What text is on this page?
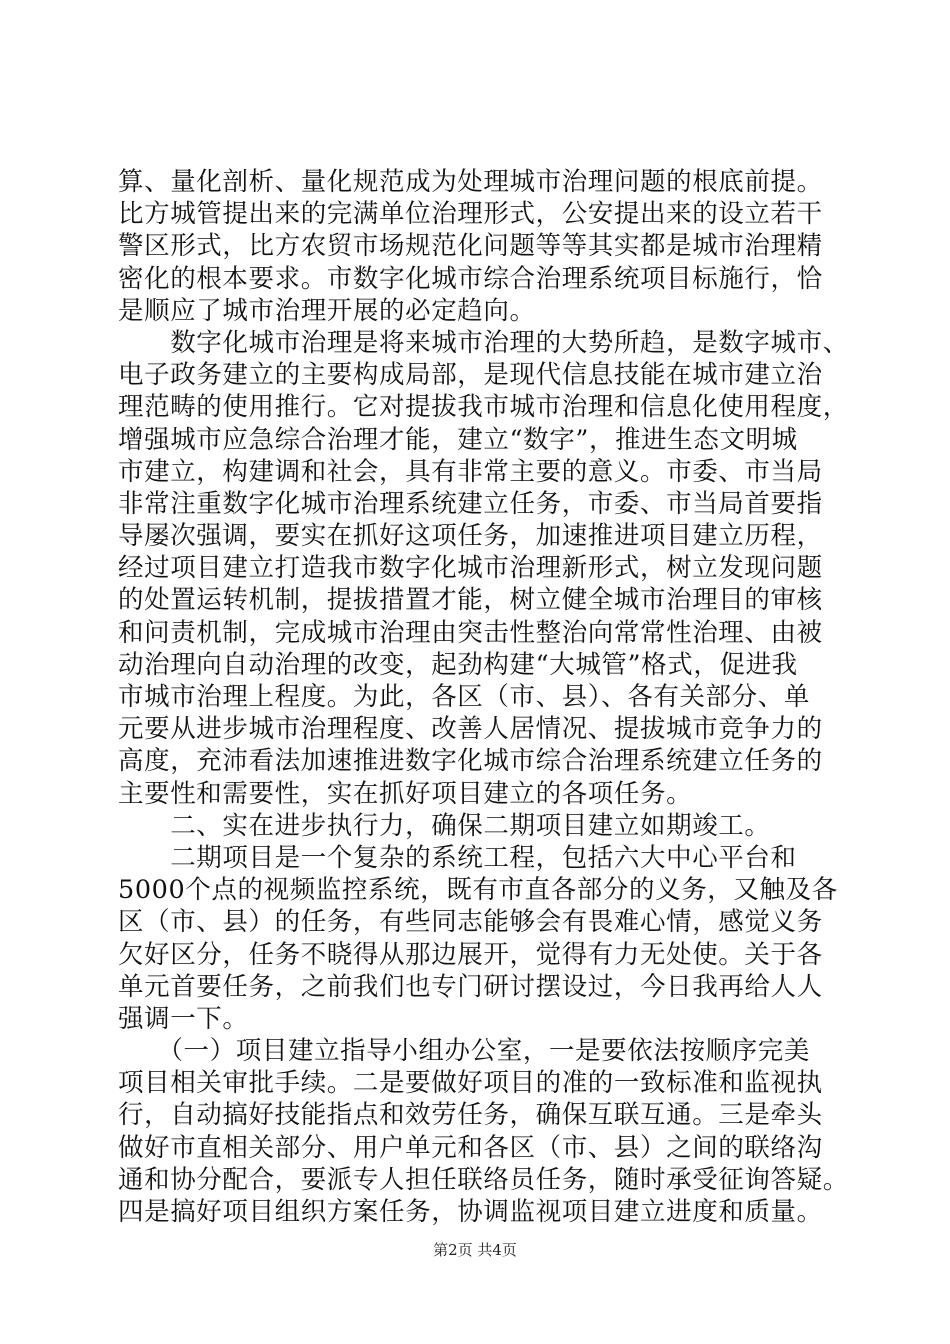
算、量化剖析、量化规范成为处理城市治理问题的根底前提。
比方城管提出来的完满单位治理形式，公安提出来的设立若干
警区形式，比方农贸市场规范化问题等等其实都是城市治理精
密化的根本要求。市数字化城市综合治理系统项目标施行，恰
是顺应了城市治理开展的必定趋向。
　　数字化城市治理是将来城市治理的大势所趋，是数字城市、
电子政务建立的主要构成局部，是现代信息技能在城市建立治
理范畴的使用推行。它对提拔我市城市治理和信息化使用程度，
增强城市应急综合治理才能，建立“数字”，推进生态文明城
市建立，构建调和社会，具有非常主要的意义。市委、市当局
非常注重数字化城市治理系统建立任务，市委、市当局首要指
导屡次强调，要实在抓好这项任务，加速推进项目建立历程，
经过项目建立打造我市数字化城市治理新形式，树立发现问题
的处置运转机制，提拔措置才能，树立健全城市治理目的审核
和问责机制，完成城市治理由突击性整治向常常性治理、由被
动治理向自动治理的改变，起劲构建“大城管”格式，促进我
市城市治理上程度。为此，各区（市、县）、各有关部分、单
元要从进步城市治理程度、改善人居情况、提拔城市竞争力的
高度，充沛看法加速推进数字化城市综合治理系统建立任务的
主要性和需要性，实在抓好项目建立的各项任务。
　　二、实在进步执行力，确保二期项目建立如期竣工。
　　二期项目是一个复杂的系统工程，包括六大中心平台和
5000个点的视频监控系统，既有市直各部分的义务，又触及各
区（市、县）的任务，有些同志能够会有畏难心情，感觉义务
欠好区分，任务不晓得从那边展开，觉得有力无处使。关于各
单元首要任务，之前我们也专门研讨摆设过，今日我再给人人
强调一下。
　　（一）项目建立指导小组办公室，一是要依法按顺序完美
项目相关审批手续。二是要做好项目的准的一致标准和监视执
行，自动搞好技能指点和效劳任务，确保互联互通。三是牵头
做好市直相关部分、用户单元和各区（市、县）之间的联络沟
通和协分配合，要派专人担任联络员任务，随时承受征询答疑。
四是搞好项目组织方案任务，协调监视项目建立进度和质量。
第2页 共4页
